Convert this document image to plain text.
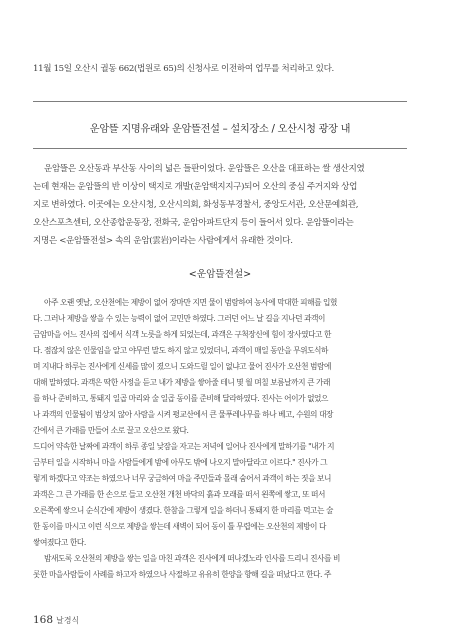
11월 15일 오산시 궐동 662(법원로 65)의 신청사로 이전하여 업무를 처리하고 있다.
운암뜰 지명유래와 운암뜰전설 – 설치장소 / 오산시청 광장 내
운암뜰은 오산동과 부산동 사이의 넓은 들판이었다. 운암뜰은 오산을 대표하는 쌀 생산지였
는데 현재는 운암뜰의 반 이상이 택지로 개발(운암택지지구)되어 오산의 중심 주거지와 상업
지로 변하였다. 이곳에는 오산시청, 오산시의회, 화성동부경찰서, 중앙도서관, 오산문예회관,
오산스포츠센터, 오산종합운동장, 전화국, 운암아파트단지 등이 들어서 있다. 운암뜰이라는
지명은 <운암뜰전설> 속의 운암(雲岩)이라는 사람에게서 유래한 것이다.
<운암뜰전설>
아주 오랜 옛날, 오산천에는 제방이 없어 장마만 지면 물이 범람하여 농사에 막대한 피해를 입혔
다. 그러나 제방을 쌓을 수 있는 능력이 없어 고민만 하였다. 그러던 어느 날 길을 지나던 과객이
금암마을 어느 진사의 집에서 식객 노릇을 하게 되었는데, 과객은 구척장신에 힘이 장사였다고 한
다. 점잖치 않은 인물임을 알고 야무런 말도 하지 않고 있었더니, 과객이 매일 동안을 무위도식하
며 지내다 하루는 진사에게 신세를 많이 졌으니 도와드릴 일이 없냐고 물어 진사가 오산천 범람에
대해 말하였다. 과객은 딱한 사정을 듣고 내가 제방을 쌓아줄 테니 몇 월 며칠 보름날까지 큰 가래
를 하나 준비하고, 통돼지 일곱 마리와 술 일곱 동이를 준비해 달라하였다. 진사는 어이가 없었으
나 과객의 인물됨이 범상치 않아 사람을 시켜 평교산에서 큰 물푸레나무를 하나 베고, 수원의 대장
간에서 큰 가래를 만들어 소로 끌고 오산으로 왔다.
드디어 약속한 날짜에 과객이 하루 종일 낮잠을 자고는 저녁에 일어나 진사에게 말하기를 "내가 지
금부터 일을 시작하니 마을 사람들에게 밤에 아무도 밖에 나오지 말아달라고 이르다." 진사가 그
렇게 하겠다고 약조는 하였으나 너무 궁금하여 마을 주민들과 몰래 숨어서 과객이 하는 짓을 보니
과객은 그 큰 가래를 한 손으로 들고 오산천 개천 바닥의 흙과 모래를 떠서 왼쪽에 쌓고, 또 떠서
오른쪽에 쌓으니 순식간에 제방이 생겼다. 한참을 그렇게 일을 하더니 통돼지 한 마리를 먹고는 술
한 동이를 마시고 이런 식으로 제방을 쌓는데 새벽이 되어 동이 틀 무렵에는 오산천의 제방이 다
쌓여졌다고 한다.
밤새도록 오산천의 제방을 쌓는 일을 마친 과객은 진사에게 떠나겠노라 인사를 드리니 진사를 비
롯한 마을사람들이 사례를 하고자 하였으나 사절하고 유유히 한양을 향해 길을 떠났다고 한다. 주
168 날경식
